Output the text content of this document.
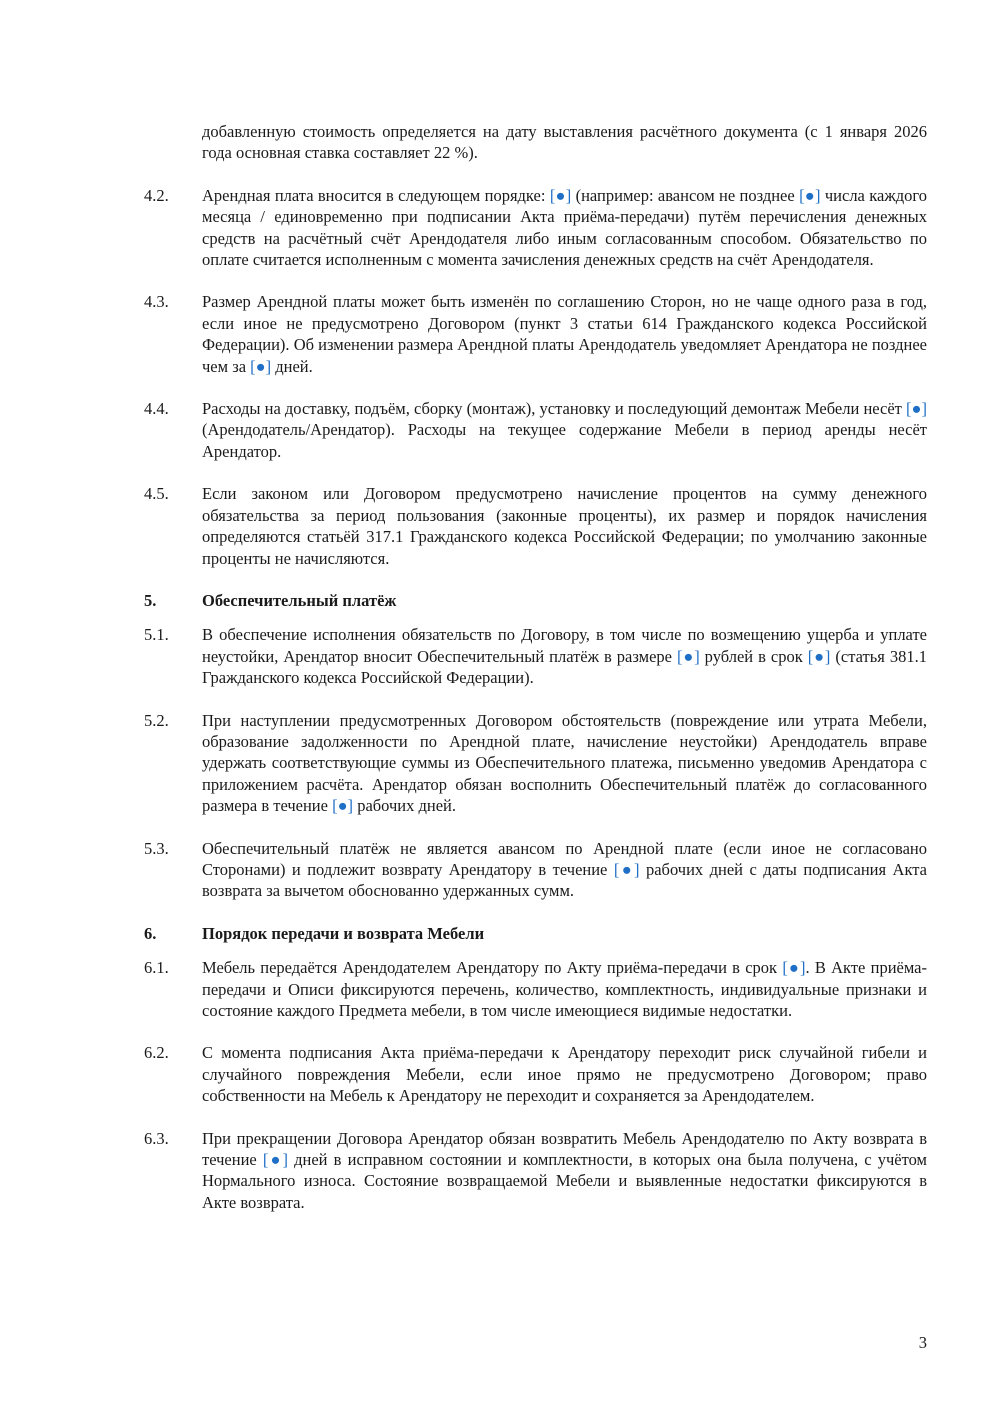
добавленную стоимость определяется на дату выставления расчётного документа (с 1 января 2026 года основная ставка составляет 22 %).
4.2.	Арендная плата вносится в следующем порядке: [●] (например: авансом не позднее [●] числа каждого месяца / единовременно при подписании Акта приёма-передачи) путём перечисления денежных средств на расчётный счёт Арендодателя либо иным согласованным способом. Обязательство по оплате считается исполненным с момента зачисления денежных средств на счёт Арендодателя.
4.3.	Размер Арендной платы может быть изменён по соглашению Сторон, но не чаще одного раза в год, если иное не предусмотрено Договором (пункт 3 статьи 614 Гражданского кодекса Российской Федерации). Об изменении размера Арендной платы Арендодатель уведомляет Арендатора не позднее чем за [●] дней.
4.4.	Расходы на доставку, подъём, сборку (монтаж), установку и последующий демонтаж Мебели несёт [●] (Арендодатель/Арендатор). Расходы на текущее содержание Мебели в период аренды несёт Арендатор.
4.5.	Если законом или Договором предусмотрено начисление процентов на сумму денежного обязательства за период пользования (законные проценты), их размер и порядок начисления определяются статьёй 317.1 Гражданского кодекса Российской Федерации; по умолчанию законные проценты не начисляются.
5.	Обеспечительный платёж
5.1.	В обеспечение исполнения обязательств по Договору, в том числе по возмещению ущерба и уплате неустойки, Арендатор вносит Обеспечительный платёж в размере [●] рублей в срок [●] (статья 381.1 Гражданского кодекса Российской Федерации).
5.2.	При наступлении предусмотренных Договором обстоятельств (повреждение или утрата Мебели, образование задолженности по Арендной плате, начисление неустойки) Арендодатель вправе удержать соответствующие суммы из Обеспечительного платежа, письменно уведомив Арендатора с приложением расчёта. Арендатор обязан восполнить Обеспечительный платёж до согласованного размера в течение [●] рабочих дней.
5.3.	Обеспечительный платёж не является авансом по Арендной плате (если иное не согласовано Сторонами) и подлежит возврату Арендатору в течение [●] рабочих дней с даты подписания Акта возврата за вычетом обоснованно удержанных сумм.
6.	Порядок передачи и возврата Мебели
6.1.	Мебель передаётся Арендодателем Арендатору по Акту приёма-передачи в срок [●]. В Акте приёма-передачи и Описи фиксируются перечень, количество, комплектность, индивидуальные признаки и состояние каждого Предмета мебели, в том числе имеющиеся видимые недостатки.
6.2.	С момента подписания Акта приёма-передачи к Арендатору переходит риск случайной гибели и случайного повреждения Мебели, если иное прямо не предусмотрено Договором; право собственности на Мебель к Арендатору не переходит и сохраняется за Арендодателем.
6.3.	При прекращении Договора Арендатор обязан возвратить Мебель Арендодателю по Акту возврата в течение [●] дней в исправном состоянии и комплектности, в которых она была получена, с учётом Нормального износа. Состояние возвращаемой Мебели и выявленные недостатки фиксируются в Акте возврата.
3
